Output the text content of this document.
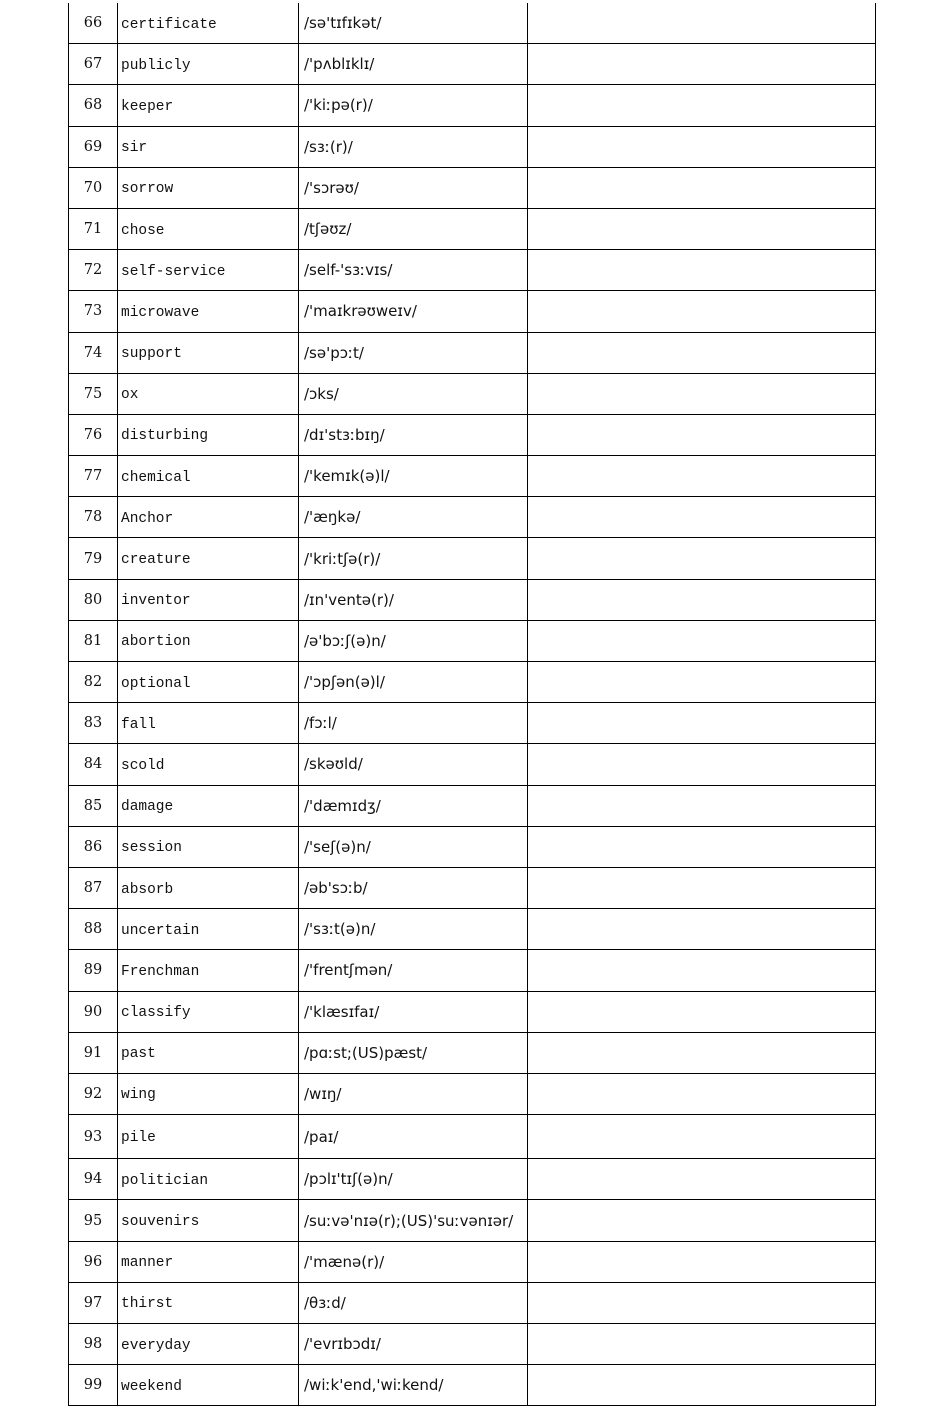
66	certificate	/sə'tɪfɪkət/	
67	publicly	/'pʌblɪklɪ/	
68	keeper	/'kiːpə(r)/	
69	sir	/sɜː(r)/	
70	sorrow	/'sɔrəʊ/	
71	chose	/tʃəʊz/	
72	self-service	/self-'sɜːvɪs/	
73	microwave	/'maɪkrəʊweɪv/	
74	support	/sə'pɔːt/	
75	ox	/ɔks/	
76	disturbing	/dɪ'stɜːbɪŋ/	
77	chemical	/'kemɪk(ə)l/	
78	Anchor	/'æŋkə/	
79	creature	/'kriːtʃə(r)/	
80	inventor	/ɪn'ventə(r)/	
81	abortion	/ə'bɔːʃ(ə)n/	
82	optional	/'ɔpʃən(ə)l/	
83	fall	/fɔːl/	
84	scold	/skəʊld/	
85	damage	/'dæmɪdʒ/	
86	session	/'seʃ(ə)n/	
87	absorb	/əb'sɔːb/	
88	uncertain	/'sɜːt(ə)n/	
89	Frenchman	/'frentʃmən/	
90	classify	/'klæsɪfaɪ/	
91	past	/pɑːst;(US)pæst/	
92	wing	/wɪŋ/	
93	pile	/paɪ/	
94	politician	/pɔlɪ'tɪʃ(ə)n/	
95	souvenirs	/suːvə'nɪə(r);(US)'suːvənɪər/	
96	manner	/'mænə(r)/	
97	thirst	/θɜːd/	
98	everyday	/'evrɪbɔdɪ/	
99	weekend	/wiːk'end,'wiːkend/	
